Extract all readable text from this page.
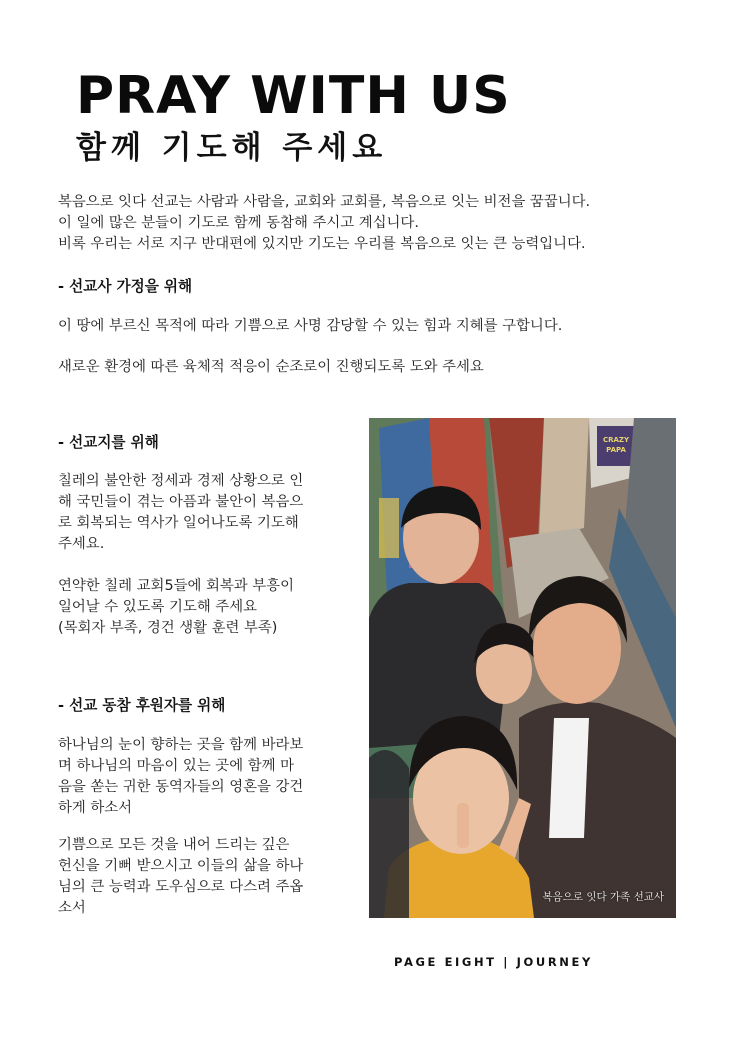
PRAY WITH US
함께 기도해 주세요

복음으로 잇다 선교는 사람과 사람을, 교회와 교회를, 복음으로 잇는 비전을 꿈꿉니다.

이 일에 많은 분들이 기도로 함께 동참해 주시고 계십니다.

비록 우리는 서로 지구 반대편에 있지만 기도는 우리를 복음으로 잇는 큰 능력입니다.

- 선교사 가정을 위해

이 땅에 부르신 목적에 따라 기쁨으로 사명 감당할 수 있는 힘과 지혜를 구합니다.

새로운 환경에 따른 육체적 적응이 순조로이 진행되도록 도와 주세요

- 선교지를 위해

칠레의 불안한 정세과 경제 상황으로 인

해 국민들이 겪는 아픔과 불안이 복음으

로 회복되는 역사가 일어나도록 기도해

주세요.

연약한 칠레 교회5들에 회복과 부흥이

일어날 수 있도록 기도해 주세요

(목회자 부족, 경건 생활 훈련 부족)

- 선교 동참 후원자를 위해

하나님의 눈이 향하는 곳을 함께 바라보

며 하나님의 마음이 있는 곳에 함께 마

음을 쏟는 귀한 동역자들의 영혼을 강건

하게 하소서

기쁨으로 모든 것을 내어 드리는 깊은

헌신을 기뻐 받으시고 이들의 삶을 하나

님의 큰 능력과 도우심으로 다스려 주옵

소서

CRAZY
PAPA
복음으로 잇다 가족 선교사
PAGE EIGHT | JOURNEY
